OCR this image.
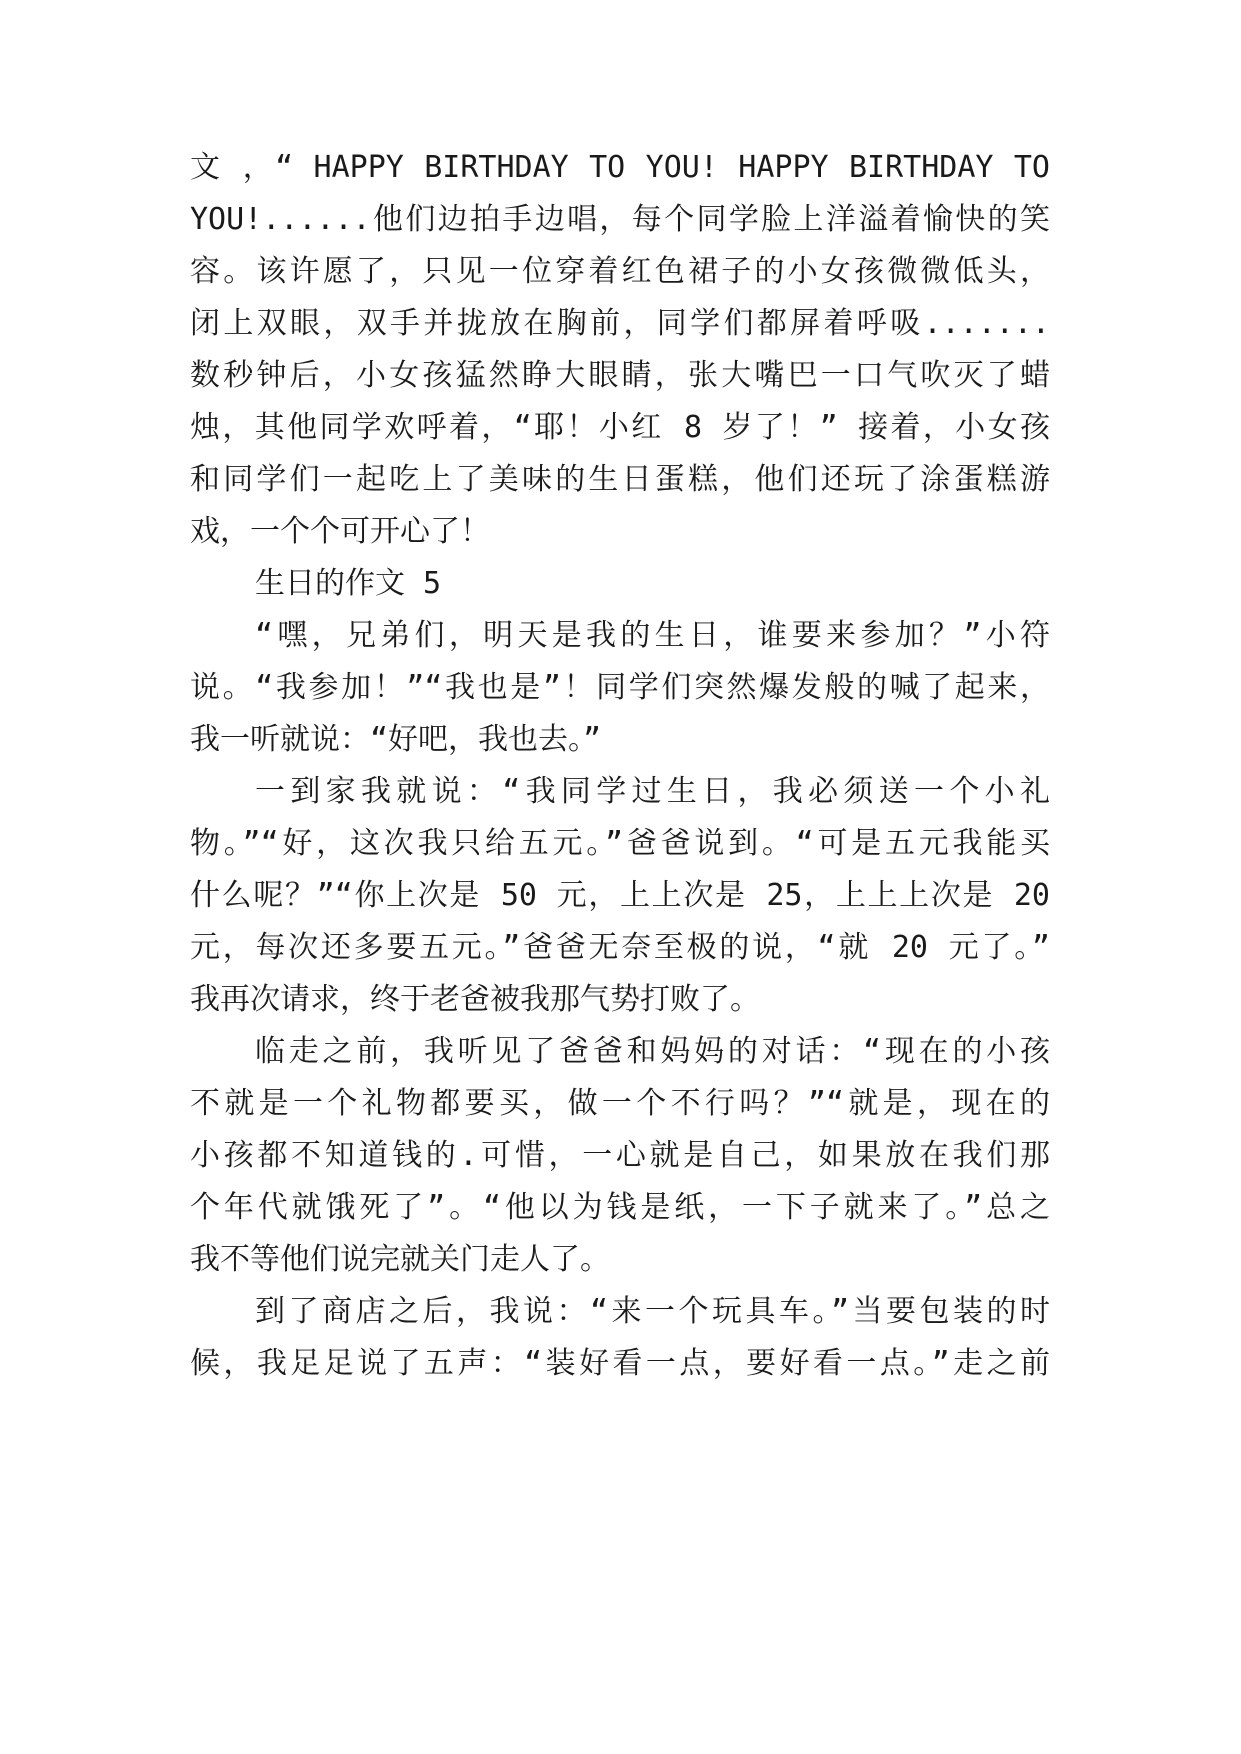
文 ，“ HAPPY BIRTHDAY TO YOU! HAPPY BIRTHDAY TO
YOU!......他们边拍手边唱，每个同学脸上洋溢着愉快的笑
容。该许愿了，只见一位穿着红色裙子的小女孩微微低头，
闭上双眼，双手并拢放在胸前，同学们都屏着呼吸.......
数秒钟后，小女孩猛然睁大眼睛，张大嘴巴一口气吹灭了蜡
烛，其他同学欢呼着，“耶！小红 8 岁了！” 接着，小女孩
和同学们一起吃上了美味的生日蛋糕，他们还玩了涂蛋糕游
戏，一个个可开心了！
生日的作文 5
“嘿，兄弟们，明天是我的生日，谁要来参加？”小符
说。“我参加！”“我也是”！同学们突然爆发般的喊了起来，
我一听就说：“好吧，我也去。”
一到家我就说：“我同学过生日，我必须送一个小礼
物。”“好，这次我只给五元。”爸爸说到。“可是五元我能买
什么呢？”“你上次是 50 元，上上次是 25，上上上次是 20
元，每次还多要五元。”爸爸无奈至极的说，“就 20 元了。”
我再次请求，终于老爸被我那气势打败了。
临走之前，我听见了爸爸和妈妈的对话：“现在的小孩
不就是一个礼物都要买，做一个不行吗？”“就是，现在的
小孩都不知道钱的.可惜，一心就是自己，如果放在我们那
个年代就饿死了”。“他以为钱是纸，一下子就来了。”总之
我不等他们说完就关门走人了。
到了商店之后，我说：“来一个玩具车。”当要包装的时
候，我足足说了五声：“装好看一点，要好看一点。”走之前
